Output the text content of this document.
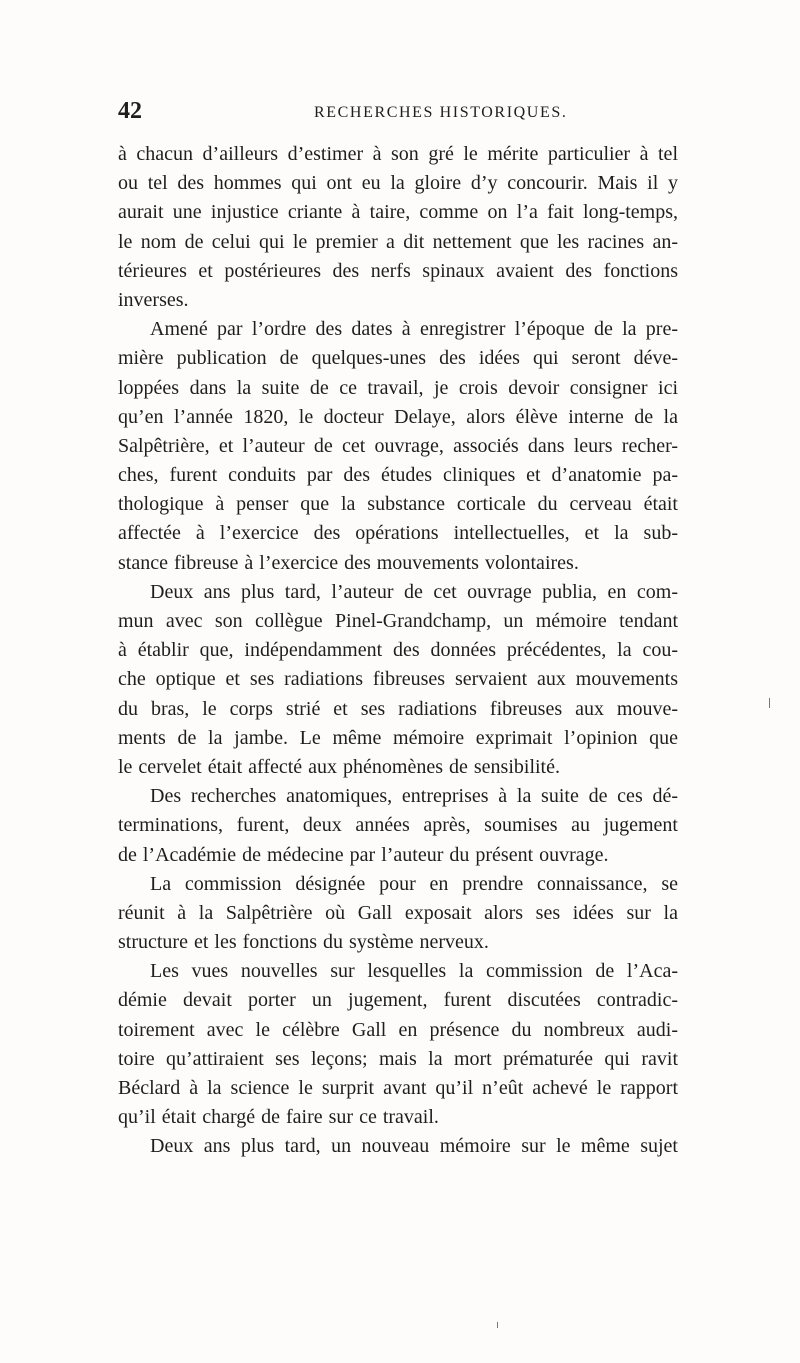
42	RECHERCHES HISTORIQUES.
à chacun d’ailleurs d’estimer à son gré le mérite particulier à tel
ou tel des hommes qui ont eu la gloire d’y concourir. Mais il y
aurait une injustice criante à taire, comme on l’a fait long-temps,
le nom de celui qui le premier a dit nettement que les racines an-
térieures et postérieures des nerfs spinaux avaient des fonctions
inverses.
Amené par l’ordre des dates à enregistrer l’époque de la pre-
mière publication de quelques-unes des idées qui seront déve-
loppées dans la suite de ce travail, je crois devoir consigner ici
qu’en l’année 1820, le docteur Delaye, alors élève interne de la
Salpêtrière, et l’auteur de cet ouvrage, associés dans leurs recher-
ches, furent conduits par des études cliniques et d’anatomie pa-
thologique à penser que la substance corticale du cerveau était
affectée à l’exercice des opérations intellectuelles, et la sub-
stance fibreuse à l’exercice des mouvements volontaires.
Deux ans plus tard, l’auteur de cet ouvrage publia, en com-
mun avec son collègue Pinel-Grandchamp, un mémoire tendant
à établir que, indépendamment des données précédentes, la cou-
che optique et ses radiations fibreuses servaient aux mouvements
du bras, le corps strié et ses radiations fibreuses aux mouve-
ments de la jambe. Le même mémoire exprimait l’opinion que
le cervelet était affecté aux phénomènes de sensibilité.
Des recherches anatomiques, entreprises à la suite de ces dé-
terminations, furent, deux années après, soumises au jugement
de l’Académie de médecine par l’auteur du présent ouvrage.
La commission désignée pour en prendre connaissance, se
réunit à la Salpêtrière où Gall exposait alors ses idées sur la
structure et les fonctions du système nerveux.
Les vues nouvelles sur lesquelles la commission de l’Aca-
démie devait porter un jugement, furent discutées contradic-
toirement avec le célèbre Gall en présence du nombreux audi-
toire qu’attiraient ses leçons; mais la mort prématurée qui ravit
Béclard à la science le surprit avant qu’il n’eût achevé le rapport
qu’il était chargé de faire sur ce travail.
Deux ans plus tard, un nouveau mémoire sur le même sujet
